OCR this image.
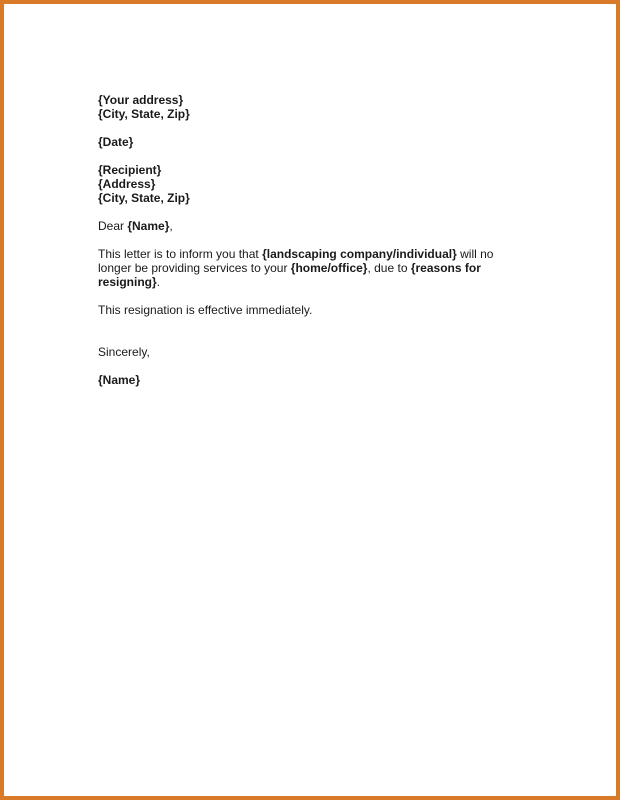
{Your address}
{City, State, Zip}
{Date}
{Recipient}
{Address}
{City, State, Zip}

Dear {Name},

This letter is to inform you that {landscaping company/individual} will no longer be providing services to your {home/office}, due to {reasons for resigning}.

This resignation is effective immediately.

Sincerely,

{Name}
